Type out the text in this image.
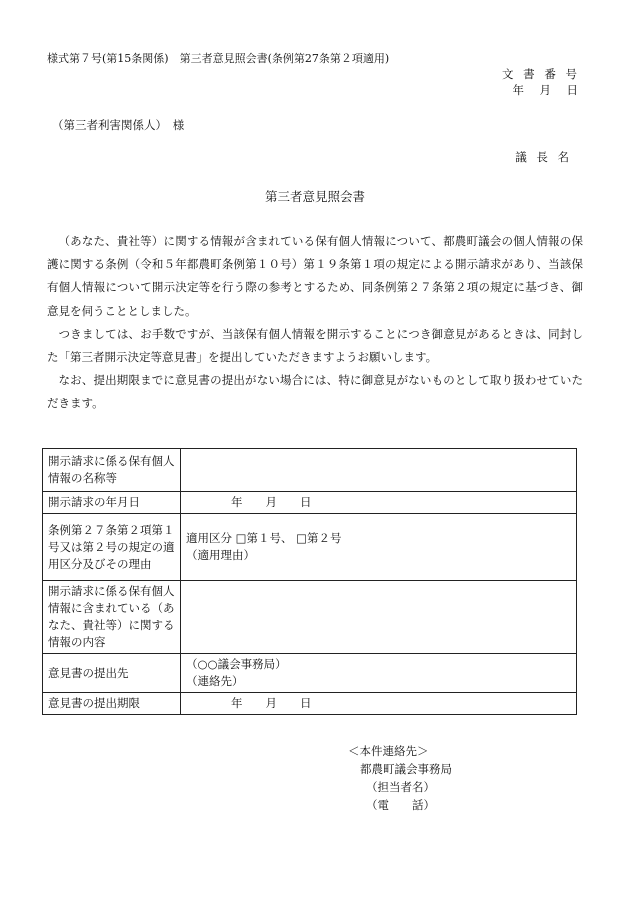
様式第７号(第15条関係)　第三者意見照会書(条例第27条第２項適用)
文 書 番 号
年　月　日
（第三者利害関係人）　様
議 長 名
第三者意見照会書

（あなた、貴社等）に関する情報が含まれている保有個人情報について、都農町議会の個人情報の保護に関する条例（令和５年都農町条例第１０号）第１９条第１項の規定による開示請求があり、当該保有個人情報について開示決定等を行う際の参考とするため、同条例第２７条第２項の規定に基づき、御意見を伺うこととしました。

つきましては、お手数ですが、当該保有個人情報を開示することにつき御意見があるときは、同封した「第三者開示決定等意見書」を提出していただきますようお願いします。

なお、提出期限までに意見書の提出がない場合には、特に御意見がないものとして取り扱わせていただきます。

開示請求に係る保有個人情報の名称等	
開示請求の年月日	年　　月　　日
条例第２７条第２項第１号又は第２号の規定の適用区分及びその理由	適用区分 □第１号、 □第２号
（適用理由）

開示請求に係る保有個人情報に含まれている（あなた、貴社等）に関する情報の内容	
意見書の提出先	（○○議会事務局）
（連絡先）

意見書の提出期限	年　　月　　日
＜本件連絡先＞
都農町議会事務局
（担当者名）
（電　　話）
